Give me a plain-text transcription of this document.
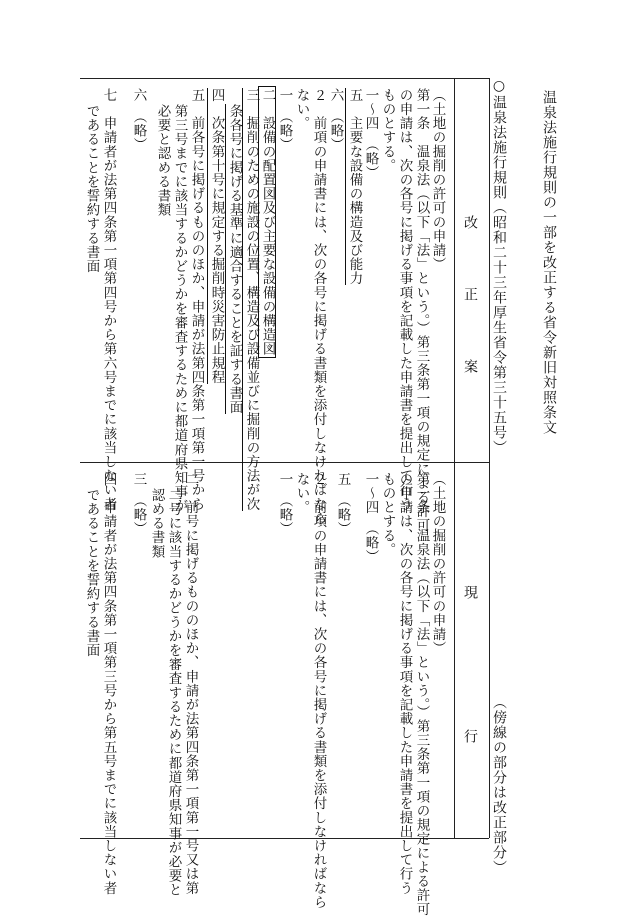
温泉法施行規則の一部を改正する省令新旧対照条文
○温泉法施行規則（昭和二十三年厚生省令第三十五号）
（傍線の部分は改正部分）
改　正　案
現　　　行
（土地の掘削の許可の申請）
第一条　温泉法（以下「法」という。）第三条第一項の規定による許可
の申請は、次の各号に掲げる事項を記載した申請書を提出して行う
ものとする。
一～四　（略）
五　主要な設備の構造及び能力
六　（略）
２　前項の申請書には、次の各号に掲げる書類を添付しなければなら
ない。
一　（略）
二　設備の配置図及び主要な設備の構造図
三　掘削のための施設の位置、構造及び設備並びに掘削の方法が次
条各号に掲げる基準に適合することを証する書面
四　次条第十号に規定する掘削時災害防止規程
五　前各号に掲げるもののほか、申請が法第四条第一項第一号から
第三号までに該当するかどうかを審査するために都道府県知事が
必要と認める書類
六　（略）
七　申請者が法第四条第一項第四号から第六号までに該当しない者
であることを誓約する書面
（土地の掘削の許可の申請）
第一条　温泉法（以下「法」という。）第三条第一項の規定による許可
の申請は、次の各号に掲げる事項を記載した申請書を提出して行う
ものとする。
一～四　（略）
五　（略）
２　前項の申請書には、次の各号に掲げる書類を添付しなければなら
ない。
一　（略）
二　前号に掲げるもののほか、申請が法第四条第一項第一号又は第
二号に該当するかどうかを審査するために都道府県知事が必要と
認める書類
三　（略）
四　申請者が法第四条第一項第三号から第五号までに該当しない者
であることを誓約する書面
